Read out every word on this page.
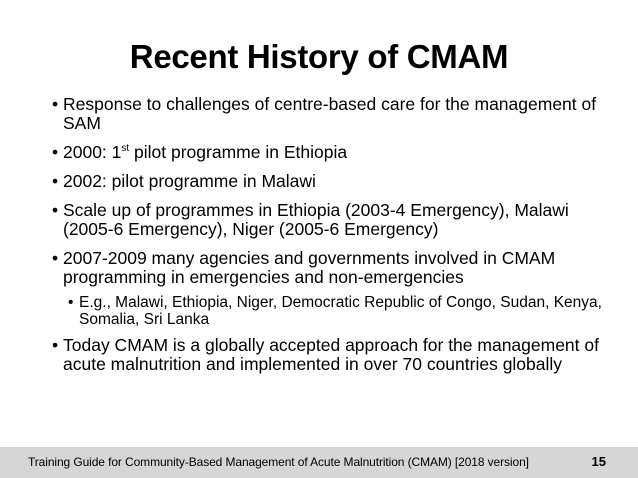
Recent History of CMAM
• Response to challenges of centre-based care for the management of SAM
• 2000: 1st pilot programme in Ethiopia
• 2002: pilot programme in Malawi
• Scale up of programmes in Ethiopia (2003-4 Emergency), Malawi (2005-6 Emergency), Niger (2005-6 Emergency)
• 2007-2009 many agencies and governments involved in CMAM programming in emergencies and non-emergencies
• E.g., Malawi, Ethiopia, Niger, Democratic Republic of Congo, Sudan, Kenya, Somalia, Sri Lanka
• Today CMAM is a globally accepted approach for the management of acute malnutrition and implemented in over 70 countries globally
Training Guide for Community-Based Management of Acute Malnutrition (CMAM) [2018 version]	15
